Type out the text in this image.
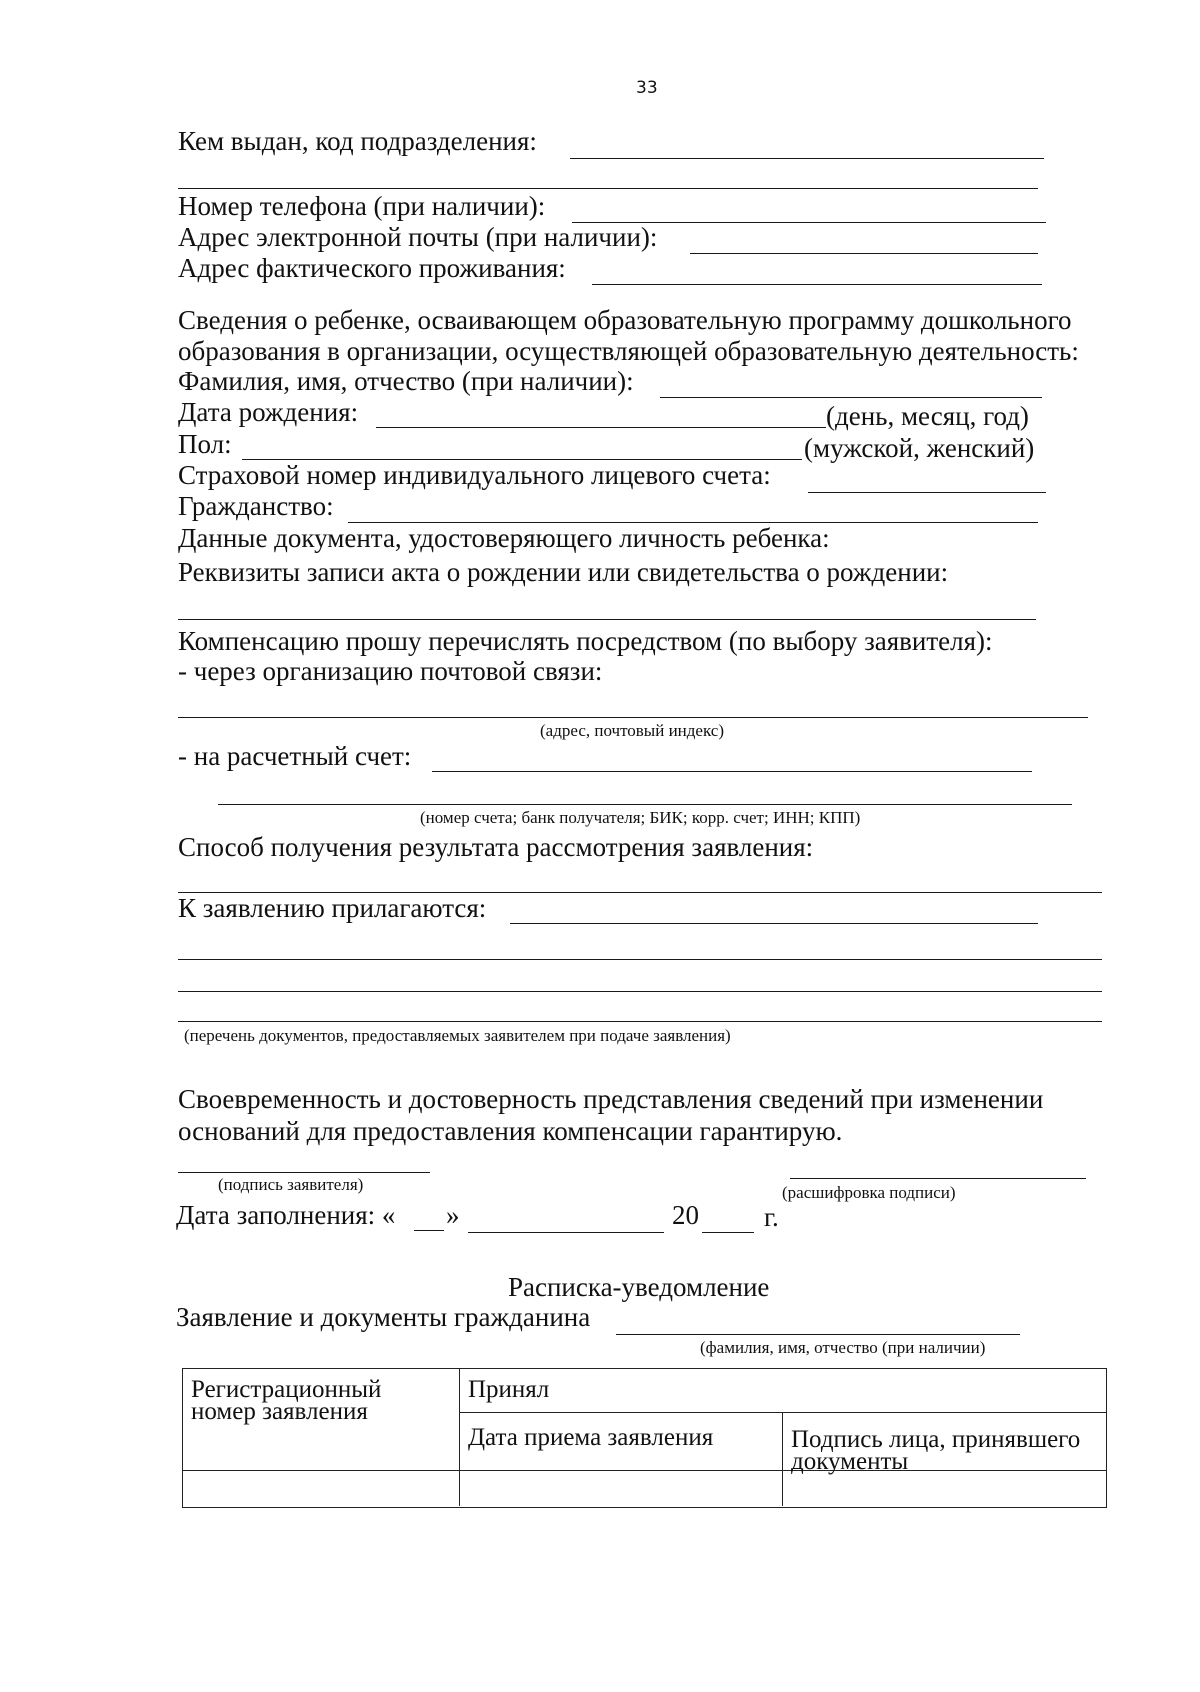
33
Кем выдан, код подразделения:
Номер телефона (при наличии):
Адрес электронной почты (при наличии):
Адрес фактического проживания:
Сведения о ребенке, осваивающем образовательную программу дошкольного
образования в организации, осуществляющей образовательную деятельность:
Фамилия, имя, отчество (при наличии):
Дата рождения:	(день, месяц, год)
Пол:	(мужской, женский)
Страховой номер индивидуального лицевого счета:
Гражданство:
Данные документа, удостоверяющего личность ребенка:
Реквизиты записи акта о рождении или свидетельства о рождении:
Компенсацию прошу перечислять посредством (по выбору заявителя):
- через организацию почтовой связи:
(адрес, почтовый индекс)
- на расчетный счет:
(номер счета; банк получателя; БИК; корр. счет; ИНН; КПП)
Способ получения результата рассмотрения заявления:
К заявлению прилагаются:
(перечень документов, предоставляемых заявителем при подаче заявления)
Своевременность и достоверность представления сведений при изменении
оснований для предоставления компенсации гарантирую.
(подпись заявителя)	(расшифровка подписи)
Дата заполнения: « »	20 г.
Расписка-уведомление
Заявление и документы гражданина
(фамилия, имя, отчество (при наличии)
Регистрационный
номер заявления
Принял
Дата приема заявления	Подпись лица, принявшего
документы
